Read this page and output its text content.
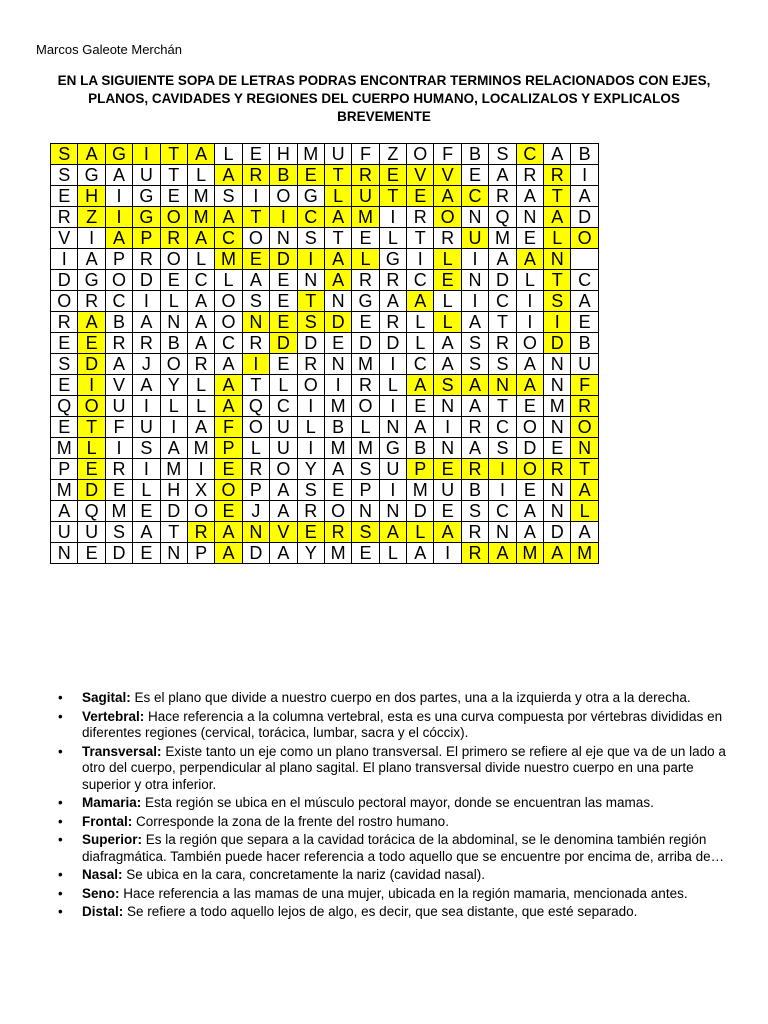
Marcos Galeote Merchán
EN LA SIGUIENTE SOPA DE LETRAS PODRAS ENCONTRAR TERMINOS RELACIONADOS CON EJES, PLANOS, CAVIDADES Y REGIONES DEL CUERPO HUMANO, LOCALIZALOS Y EXPLICALOS BREVEMENTE
S	A	G	I	T	A	L	E	H	M	U	F	Z	O	F	B	S	C	A	B
S	G	A	U	T	L	A	R	B	E	T	R	E	V	V	E	A	R	R	I
E	H	I	G	E	M	S	I	O	G	L	U	T	E	A	C	R	A	T	A
R	Z	I	G	O	M	A	T	I	C	A	M	I	R	O	N	Q	N	A	D
V	I	A	P	R	A	C	O	N	S	T	E	L	T	R	U	M	E	L	O
I	A	P	R	O	L	M	E	D	I	A	L	G	I	L	I	A	A	N	
D	G	O	D	E	C	L	A	E	N	A	R	R	C	E	N	D	L	T	C
O	R	C	I	L	A	O	S	E	T	N	G	A	A	L	I	C	I	S	A
R	A	B	A	N	A	O	N	E	S	D	E	R	L	L	A	T	I	I	E
E	E	R	R	B	A	C	R	D	D	E	D	D	L	A	S	R	O	D	B
S	D	A	J	O	R	A	I	E	R	N	M	I	C	A	S	S	A	N	U
E	I	V	A	Y	L	A	T	L	O	I	R	L	A	S	A	N	A	N	F
Q	O	U	I	L	L	A	Q	C	I	M	O	I	E	N	A	T	E	M	R
E	T	F	U	I	A	F	O	U	L	B	L	N	A	I	R	C	O	N	O
M	L	I	S	A	M	P	L	U	I	M	M	G	B	N	A	S	D	E	N
P	E	R	I	M	I	E	R	O	Y	A	S	U	P	E	R	I	O	R	T
M	D	E	L	H	X	O	P	A	S	E	P	I	M	U	B	I	E	N	A
A	Q	M	E	D	O	E	J	A	R	O	N	N	D	E	S	C	A	N	L
U	U	S	A	T	R	A	N	V	E	R	S	A	L	A	R	N	A	D	A
N	E	D	E	N	P	A	D	A	Y	M	E	L	A	I	R	A	M	A	M
• Sagital: Es el plano que divide a nuestro cuerpo en dos partes, una a la izquierda y otra a la derecha.
• Vertebral: Hace referencia a la columna vertebral, esta es una curva compuesta por vértebras divididas en diferentes regiones (cervical, torácica, lumbar, sacra y el cóccix).
• Transversal: Existe tanto un eje como un plano transversal. El primero se refiere al eje que va de un lado a otro del cuerpo, perpendicular al plano sagital. El plano transversal divide nuestro cuerpo en una parte superior y otra inferior.
• Mamaria: Esta región se ubica en el músculo pectoral mayor, donde se encuentran las mamas.
• Frontal: Corresponde la zona de la frente del rostro humano.
• Superior: Es la región que separa a la cavidad torácica de la abdominal, se le denomina también región diafragmática. También puede hacer referencia a todo aquello que se encuentre por encima de, arriba de…
• Nasal: Se ubica en la cara, concretamente la nariz (cavidad nasal).
• Seno: Hace referencia a las mamas de una mujer, ubicada en la región mamaria, mencionada antes.
• Distal: Se refiere a todo aquello lejos de algo, es decir, que sea distante, que esté separado.
